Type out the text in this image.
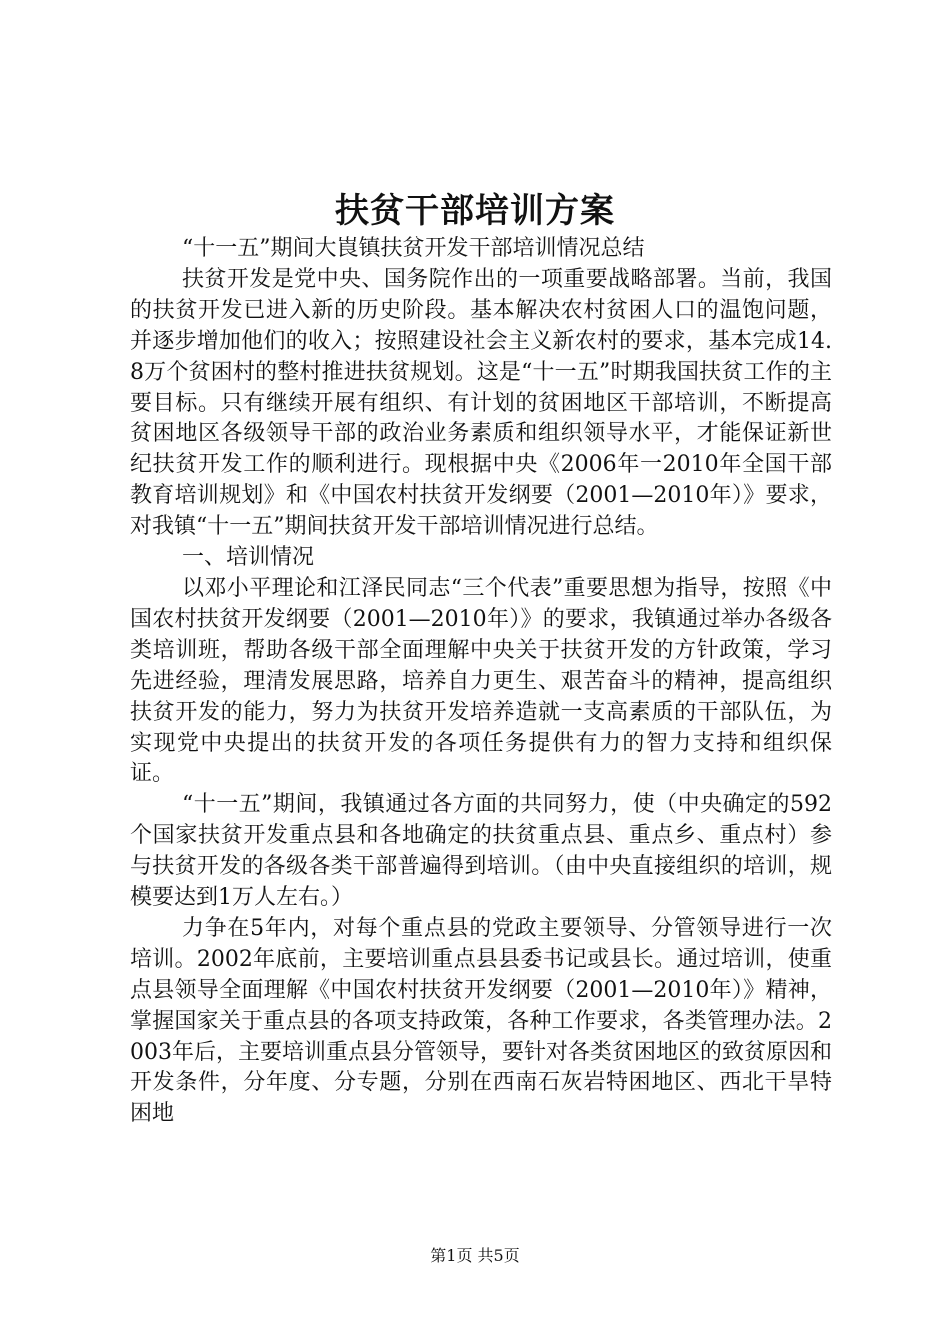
扶贫干部培训方案

“十一五”期间大崀镇扶贫开发干部培训情况总结

扶贫开发是党中央、国务院作出的一项重要战略部署。当前，我国的扶贫开发已进入新的历史阶段。基本解决农村贫困人口的温饱问题，并逐步增加他们的收入；按照建设社会主义新农村的要求，基本完成14.8万个贫困村的整村推进扶贫规划。这是“十一五”时期我国扶贫工作的主要目标。只有继续开展有组织、有计划的贫困地区干部培训，不断提高贫困地区各级领导干部的政治业务素质和组织领导水平，才能保证新世纪扶贫开发工作的顺利进行。现根据中央《2006年一2010年全国干部教育培训规划》和《中国农村扶贫开发纲要（2001—2010年）》要求，对我镇“十一五”期间扶贫开发干部培训情况进行总结。

一、培训情况

以邓小平理论和江泽民同志“三个代表”重要思想为指导，按照《中国农村扶贫开发纲要（2001—2010年）》的要求，我镇通过举办各级各类培训班，帮助各级干部全面理解中央关于扶贫开发的方针政策，学习先进经验，理清发展思路，培养自力更生、艰苦奋斗的精神，提高组织扶贫开发的能力，努力为扶贫开发培养造就一支高素质的干部队伍，为实现党中央提出的扶贫开发的各项任务提供有力的智力支持和组织保证。

“十一五”期间，我镇通过各方面的共同努力，使（中央确定的592个国家扶贫开发重点县和各地确定的扶贫重点县、重点乡、重点村）参与扶贫开发的各级各类干部普遍得到培训。（由中央直接组织的培训，规模要达到1万人左右。）

力争在5年内，对每个重点县的党政主要领导、分管领导进行一次培训。2002年底前，主要培训重点县县委书记或县长。通过培训，使重点县领导全面理解《中国农村扶贫开发纲要（2001—2010年）》精神，掌握国家关于重点县的各项支持政策，各种工作要求，各类管理办法。2003年后，主要培训重点县分管领导，要针对各类贫困地区的致贫原因和开发条件，分年度、分专题，分别在西南石灰岩特困地区、西北干旱特困地

第1页 共5页
